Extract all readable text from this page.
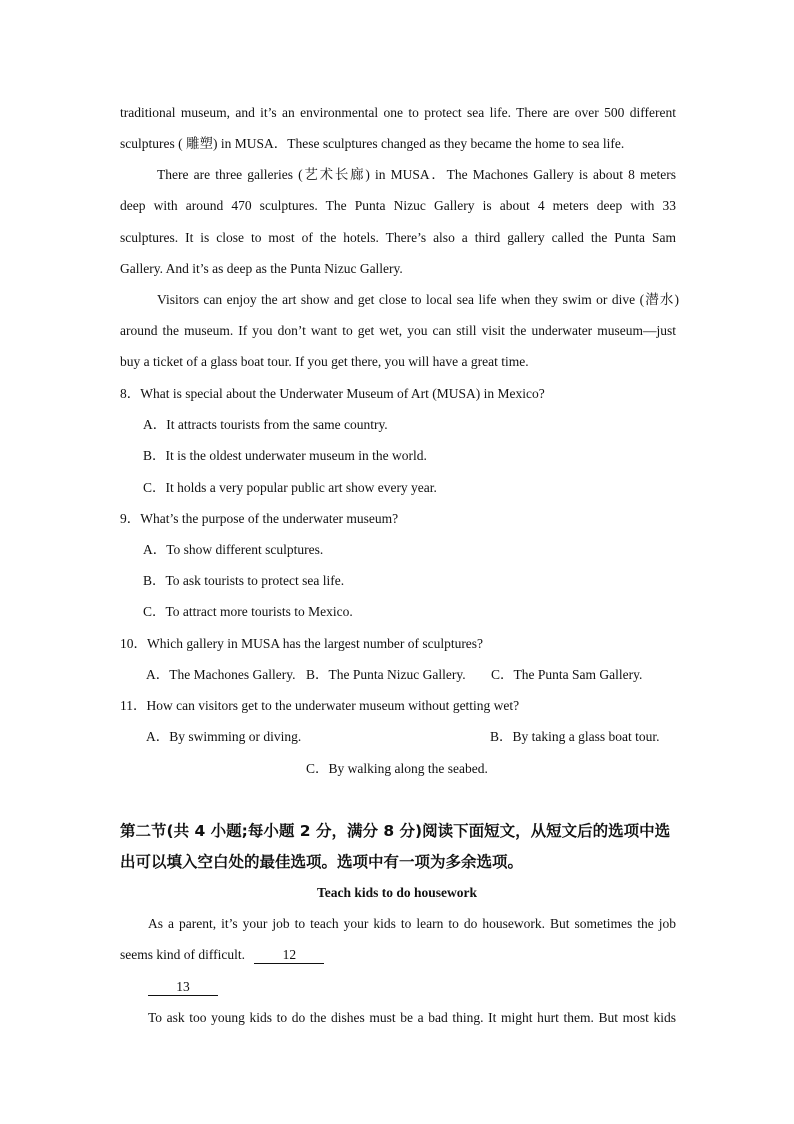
traditional museum, and it’s an environmental one to protect sea life. There are over 500 different
sculptures ( 雕塑) in MUSA．These sculptures changed as they became the home to sea life.
There are three galleries (艺术长廊) in MUSA．The Machones Gallery is about 8 meters
deep with around 470 sculptures. The Punta Nizuc Gallery is about 4 meters deep with 33
sculptures. It is close to most of the hotels. There’s also a third gallery called the Punta Sam
Gallery. And it’s as deep as the Punta Nizuc Gallery.
Visitors can enjoy the art show and get close to local sea life when they swim or dive (潜水)
around the museum. If you don’t want to get wet, you can still visit the underwater museum—just
buy a ticket of a glass boat tour. If you get there, you will have a great time.
8．What is special about the Underwater Museum of Art (MUSA) in Mexico?
A．It attracts tourists from the same country.
B．It is the oldest underwater museum in the world.
C．It holds a very popular public art show every year.
9．What’s the purpose of the underwater museum?
A．To show different sculptures.
B．To ask tourists to protect sea life.
C．To attract more tourists to Mexico.
10．Which gallery in MUSA has the largest number of sculptures?
A．The Machones Gallery. B．The Punta Nizuc Gallery. C．The Punta Sam Gallery.
11．How can visitors get to the underwater museum without getting wet?
A．By swimming or diving.	B．By taking a glass boat tour.
C．By walking along the seabed.
第二节(共 4 小题;每小题 2 分，满分 8 分)阅读下面短文，从短文后的选项中选
出可以填入空白处的最佳选项。选项中有一项为多余选项。
Teach kids to do housework
As a parent, it’s your job to teach your kids to learn to do housework. But sometimes the job
seems kind of difficult.	12
13
To ask too young kids to do the dishes must be a bad thing. It might hurt them. But most kids
